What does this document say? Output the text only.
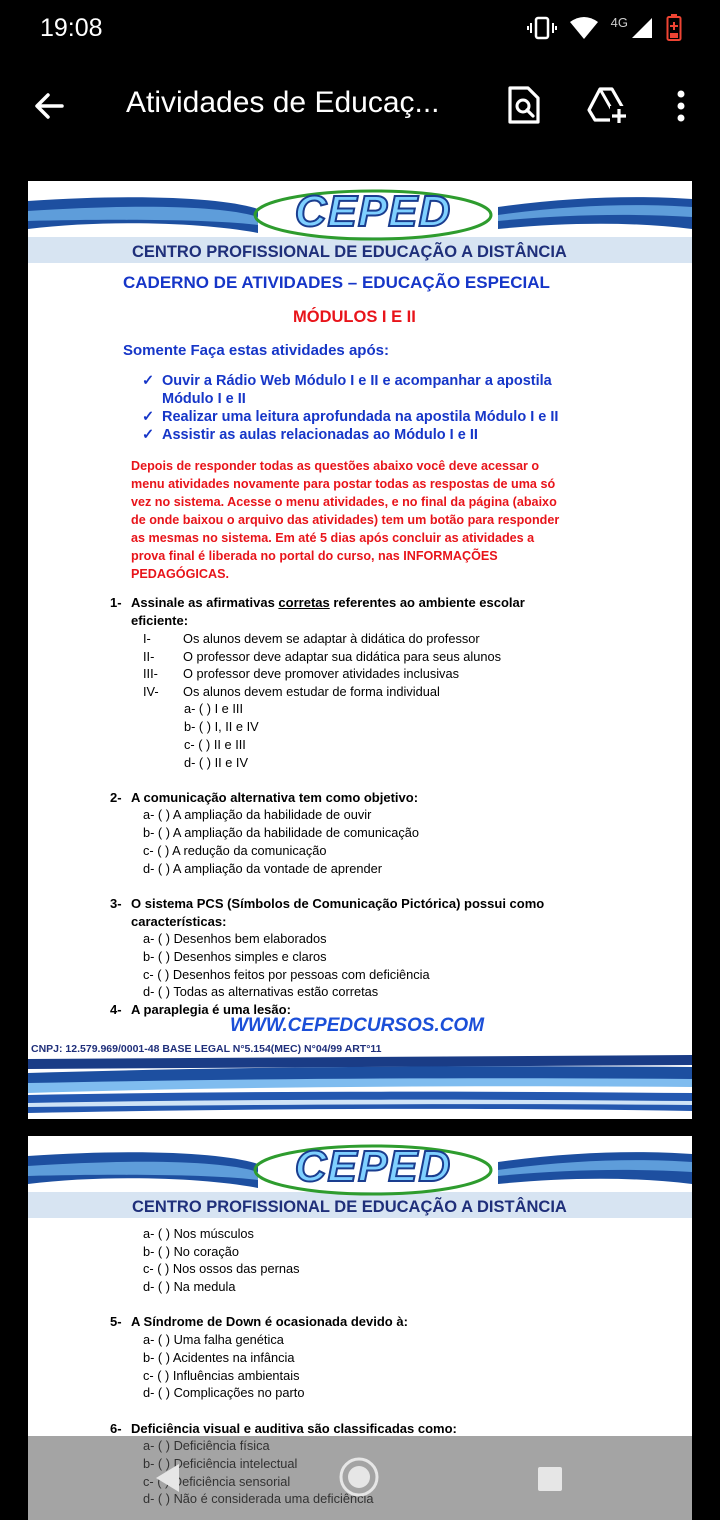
19:08	4G
Atividades de Educaç...
CEPED
CENTRO PROFISSIONAL DE EDUCAÇÃO A DISTÂNCIA
CADERNO DE ATIVIDADES – EDUCAÇÃO ESPECIAL
MÓDULOS I E II
Somente Faça estas atividades após:
✓ Ouvir a Rádio Web Módulo I e II e acompanhar a apostila
Módulo I e II
✓ Realizar uma leitura aprofundada na apostila Módulo I e II
✓ Assistir as aulas relacionadas ao Módulo I e II
Depois de responder todas as questões abaixo você deve acessar o
menu atividades novamente para postar todas as respostas de uma só
vez no sistema. Acesse o menu atividades, e no final da página (abaixo
de onde baixou o arquivo das atividades) tem um botão para responder
as mesmas no sistema. Em até 5 dias após concluir as atividades a
prova final é liberada no portal do curso, nas INFORMAÇÕES
PEDAGÓGICAS.
1- Assinale as afirmativas corretas referentes ao ambiente escolar
eficiente:
I-	Os alunos devem se adaptar à didática do professor
II- O professor deve adaptar sua didática para seus alunos
III- O professor deve promover atividades inclusivas
IV- Os alunos devem estudar de forma individual
a- ( ) I e III
b- ( ) I, II e IV
c- ( ) II e III
d- ( ) II e IV
2- A comunicação alternativa tem como objetivo:
a- ( ) A ampliação da habilidade de ouvir
b- ( ) A ampliação da habilidade de comunicação
c- ( ) A redução da comunicação
d- ( ) A ampliação da vontade de aprender
3- O sistema PCS (Símbolos de Comunicação Pictórica) possui como
características:
a- ( ) Desenhos bem elaborados
b- ( ) Desenhos simples e claros
c- ( ) Desenhos feitos por pessoas com deficiência
d- ( ) Todas as alternativas estão corretas
4- A paraplegia é uma lesão:
WWW.CEPEDCURSOS.COM
CNPJ: 12.579.969/0001-48 BASE LEGAL N°5.154(MEC) N°04/99 ART°11
CEPED
CENTRO PROFISSIONAL DE EDUCAÇÃO A DISTÂNCIA
a- ( ) Nos músculos
b- ( ) No coração
c- ( ) Nos ossos das pernas
d- ( ) Na medula
5- A Síndrome de Down é ocasionada devido à:
a- ( ) Uma falha genética
b- ( ) Acidentes na infância
c- ( ) Influências ambientais
d- ( ) Complicações no parto
6- Deficiência visual e auditiva são classificadas como:
